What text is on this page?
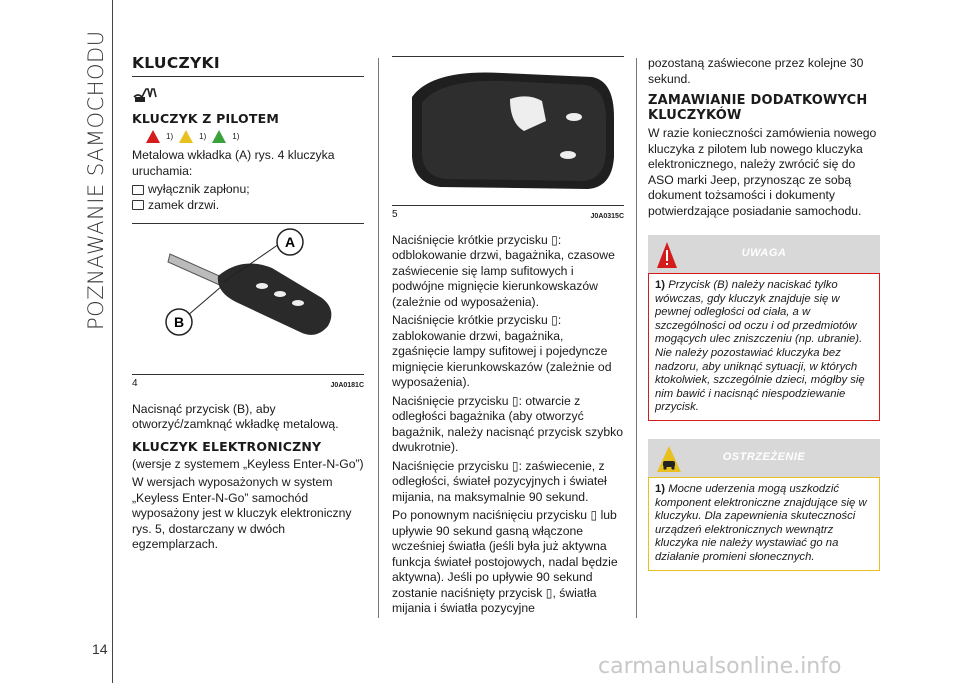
POZNAWANIE SAMOCHODU
14
KLUCZYKI
KLUCZYK Z PILOTEM
1)	1)	1)

Metalowa wkładka (A) rys. 4 kluczyka uruchamia:

wyłącznik zapłonu;
zamek drzwi.
A
B
4	J0A0181C

Nacisnąć przycisk (B), aby otworzyć/zamknąć wkładkę metalową.

KLUCZYK ELEKTRONICZNY

(wersje z systemem „Keyless Enter-N-Go”)

W wersjach wyposażonych w system „Keyless Enter-N-Go” samochód wyposażony jest w kluczyk elektroniczny rys. 5, dostarczany w dwóch egzemplarzach.

5	J0A0315C

Naciśnięcie krótkie przycisku ▯: odblokowanie drzwi, bagażnika, czasowe zaświecenie się lamp sufitowych i podwójne mignięcie kierunkowskazów (zależnie od wyposażenia).

Naciśnięcie krótkie przycisku ▯: zablokowanie drzwi, bagażnika, zgaśnięcie lampy sufitowej i pojedyncze mignięcie kierunkowskazów (zależnie od wyposażenia).

Naciśnięcie przycisku ▯: otwarcie z odległości bagażnika (aby otworzyć bagażnik, należy nacisnąć przycisk szybko dwukrotnie).

Naciśnięcie przycisku ▯: zaświecenie, z odległości, świateł pozycyjnych i świateł mijania, na maksymalnie 90 sekund.

Po ponownym naciśnięciu przycisku ▯ lub upływie 90 sekund gasną włączone wcześniej światła (jeśli była już aktywna funkcja świateł postojowych, nadal będzie aktywna). Jeśli po upływie 90 sekund zostanie naciśnięty przycisk ▯, światła mijania i światła pozycyjne

pozostaną zaświecone przez kolejne 30 sekund.

ZAMAWIANIE DODATKOWYCH KLUCZYKÓW

W razie konieczności zamówienia nowego kluczyka z pilotem lub nowego kluczyka elektronicznego, należy zwrócić się do ASO marki Jeep, przynosząc ze sobą dokument tożsamości i dokumenty potwierdzające posiadanie samochodu.

UWAGA
1) Przycisk (B) należy naciskać tylko wówczas, gdy kluczyk znajduje się w pewnej odległości od ciała, a w szczególności od oczu i od przedmiotów mogących ulec zniszczeniu (np. ubranie). Nie należy pozostawiać kluczyka bez nadzoru, aby uniknąć sytuacji, w których ktokolwiek, szczególnie dzieci, mógłby się nim bawić i nacisnąć niespodziewanie przycisk.
OSTRZEŻENIE
1) Mocne uderzenia mogą uszkodzić komponent elektroniczne znajdujące się w kluczyku. Dla zapewnienia skuteczności urządzeń elektronicznych wewnątrz kluczyka nie należy wystawiać go na działanie promieni słonecznych.
carmanualsonline.info
